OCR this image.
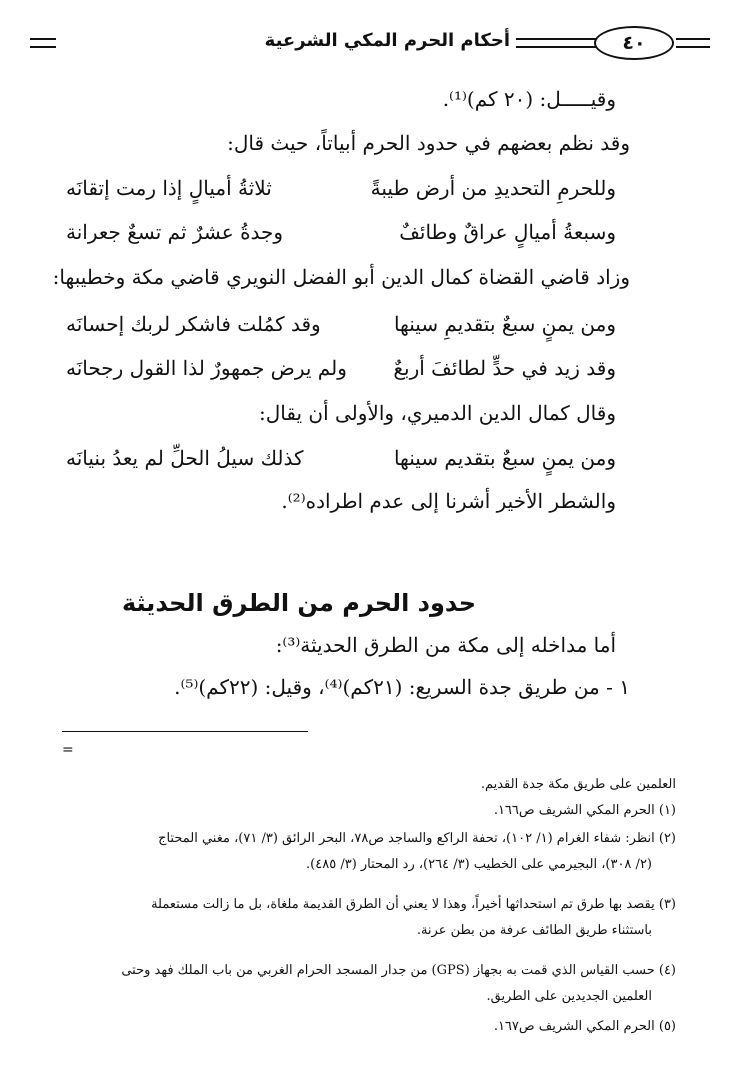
٤٠
أحكام الحرم المكي الشرعية
وقيـــــل: (٢٠ كم)⁽¹⁾.
وقد نظم بعضهم في حدود الحرم أبياتاً، حيث قال:
وللحرمِ التحديدِ من أرض طيبةً
ثلاثةُ أميالٍ إذا رمت إتقانَه
وسبعةُ أميالٍ عراقٌ وطائفٌ
وجدةُ عشرٌ ثم تسعٌ جعرانة
وزاد قاضي القضاة كمال الدين أبو الفضل النويري قاضي مكة وخطيبها:
ومن يمنٍ سبعٌ بتقديمِ سينها
وقد كمُلت فاشكر لربك إحسانَه
وقد زيد في حدٍّ لطائفَ أربعٌ
ولم يرض جمهورٌ لذا القول رجحانَه
وقال كمال الدين الدميري، والأولى أن يقال:
ومن يمنٍ سبعٌ بتقديم سينها
كذلك سيلُ الحلِّ لم يعدُ بنيانَه
والشطر الأخير أشرنا إلى عدم اطراده⁽²⁾.
حدود الحرم من الطرق الحديثة
أما مداخله إلى مكة من الطرق الحديثة⁽³⁾:
١ - من طريق جدة السريع: (٢١كم)⁽⁴⁾، وقيل: (٢٢كم)⁽⁵⁾.
=
العلمين على طريق مكة جدة القديم.
(١) الحرم المكي الشريف ص١٦٦.
(٢) انظر: شفاء الغرام (١/ ١٠٢)، تحفة الراكع والساجد ص٧٨، البحر الرائق (٣/ ٧١)، مغني المحتاج
(٢/ ٣٠٨)، البجيرمي على الخطيب (٣/ ٢٦٤)، رد المحتار (٣/ ٤٨٥).
(٣) يقصد بها طرق تم استحداثها أخيراً، وهذا لا يعني أن الطرق القديمة ملغاة، بل ما زالت مستعملة
باستثناء طريق الطائف عرفة من بطن عرنة.
(٤) حسب القياس الذي قمت به بجهاز (GPS) من جدار المسجد الحرام الغربي من باب الملك فهد وحتى
العلمين الجديدين على الطريق.
(٥) الحرم المكي الشريف ص١٦٧.
